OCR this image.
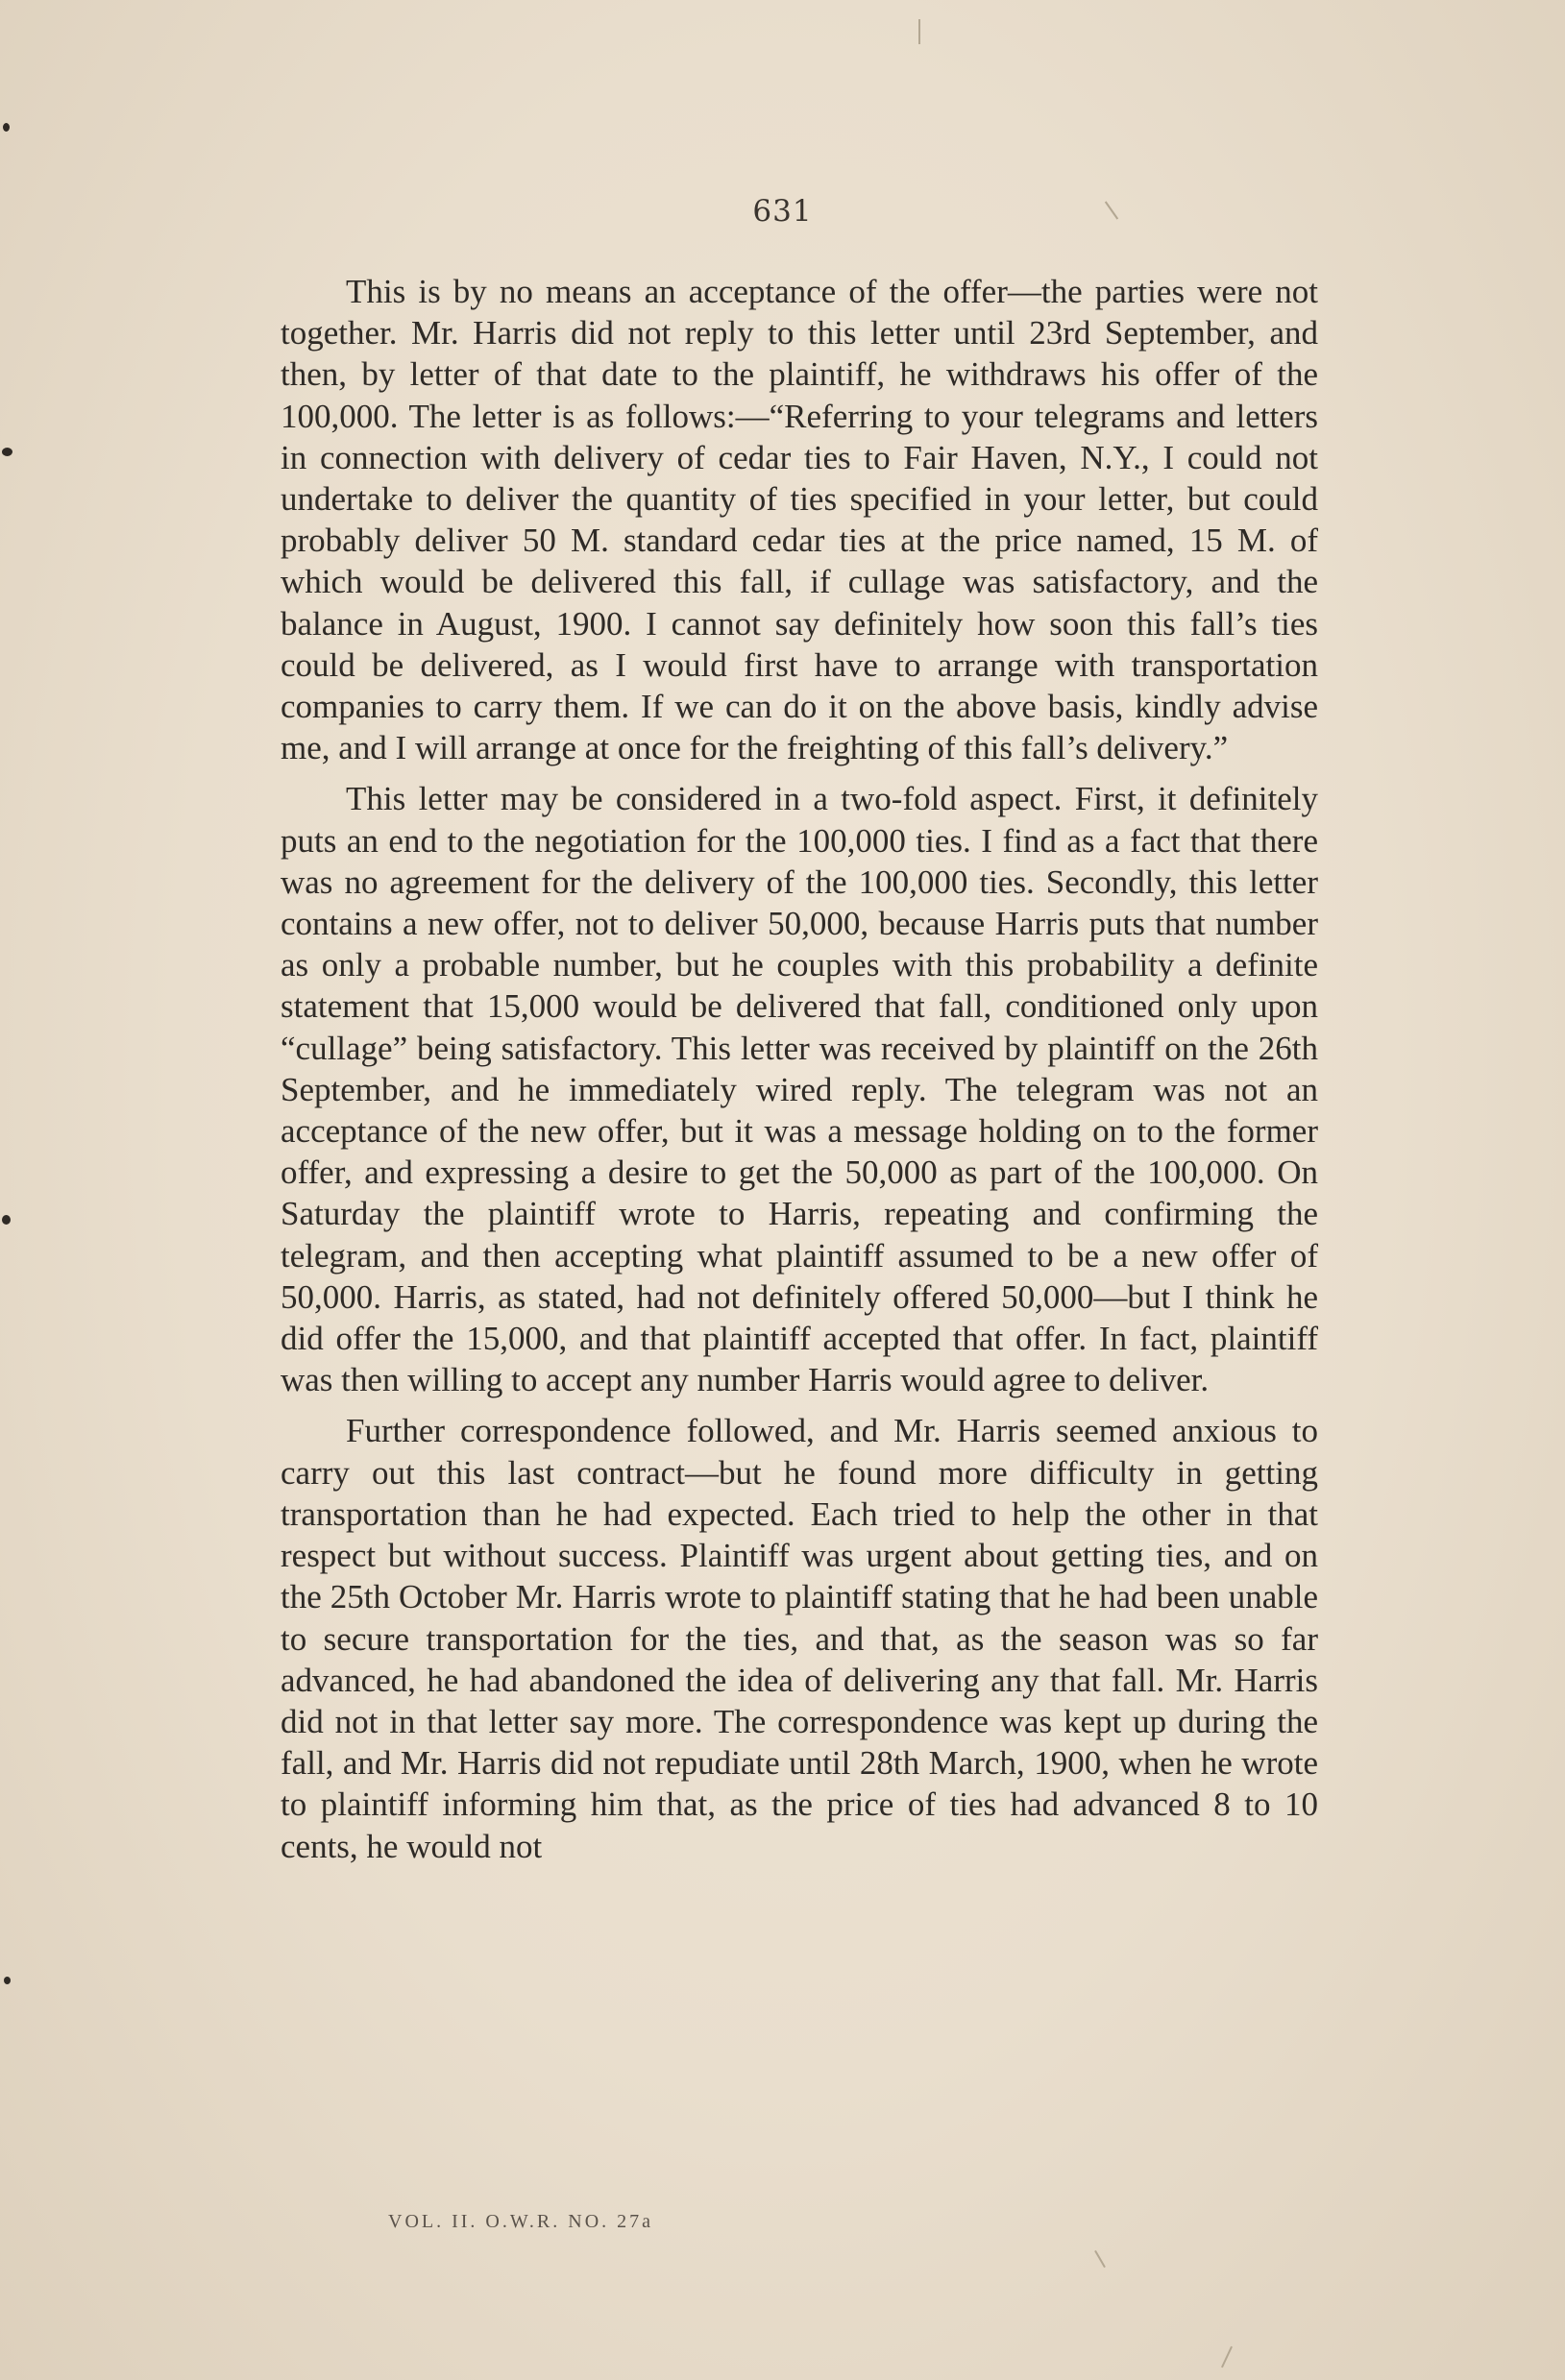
631

This is by no means an acceptance of the offer—the parties were not together. Mr. Harris did not reply to this letter until 23rd September, and then, by letter of that date to the plaintiff, he withdraws his offer of the 100,000. The letter is as follows:—“Referring to your telegrams and letters in connection with delivery of cedar ties to Fair Haven, N.Y., I could not undertake to deliver the quantity of ties specified in your letter, but could probably deliver 50 M. standard cedar ties at the price named, 15 M. of which would be delivered this fall, if cullage was satisfactory, and the balance in August, 1900. I cannot say definitely how soon this fall’s ties could be delivered, as I would first have to arrange with transportation companies to carry them. If we can do it on the above basis, kindly advise me, and I will arrange at once for the freighting of this fall’s delivery.”

This letter may be considered in a two-fold aspect. First, it definitely puts an end to the negotiation for the 100,000 ties. I find as a fact that there was no agreement for the delivery of the 100,000 ties. Secondly, this letter contains a new offer, not to deliver 50,000, because Harris puts that number as only a probable number, but he couples with this probability a definite statement that 15,000 would be delivered that fall, conditioned only upon “cullage” being satisfactory. This letter was received by plaintiff on the 26th September, and he immediately wired reply. The telegram was not an acceptance of the new offer, but it was a message holding on to the former offer, and expressing a desire to get the 50,000 as part of the 100,000. On Saturday the plaintiff wrote to Harris, repeating and confirming the telegram, and then accepting what plaintiff assumed to be a new offer of 50,000. Harris, as stated, had not definitely offered 50,000—but I think he did offer the 15,000, and that plaintiff accepted that offer. In fact, plaintiff was then willing to accept any number Harris would agree to deliver.

Further correspondence followed, and Mr. Harris seemed anxious to carry out this last contract—but he found more difficulty in getting transportation than he had expected. Each tried to help the other in that respect but without success. Plaintiff was urgent about getting ties, and on the 25th October Mr. Harris wrote to plaintiff stating that he had been unable to secure transportation for the ties, and that, as the season was so far advanced, he had abandoned the idea of delivering any that fall. Mr. Harris did not in that letter say more. The correspondence was kept up during the fall, and Mr. Harris did not repudiate until 28th March, 1900, when he wrote to plaintiff informing him that, as the price of ties had advanced 8 to 10 cents, he would not

VOL. II. O.W.R. NO. 27a
